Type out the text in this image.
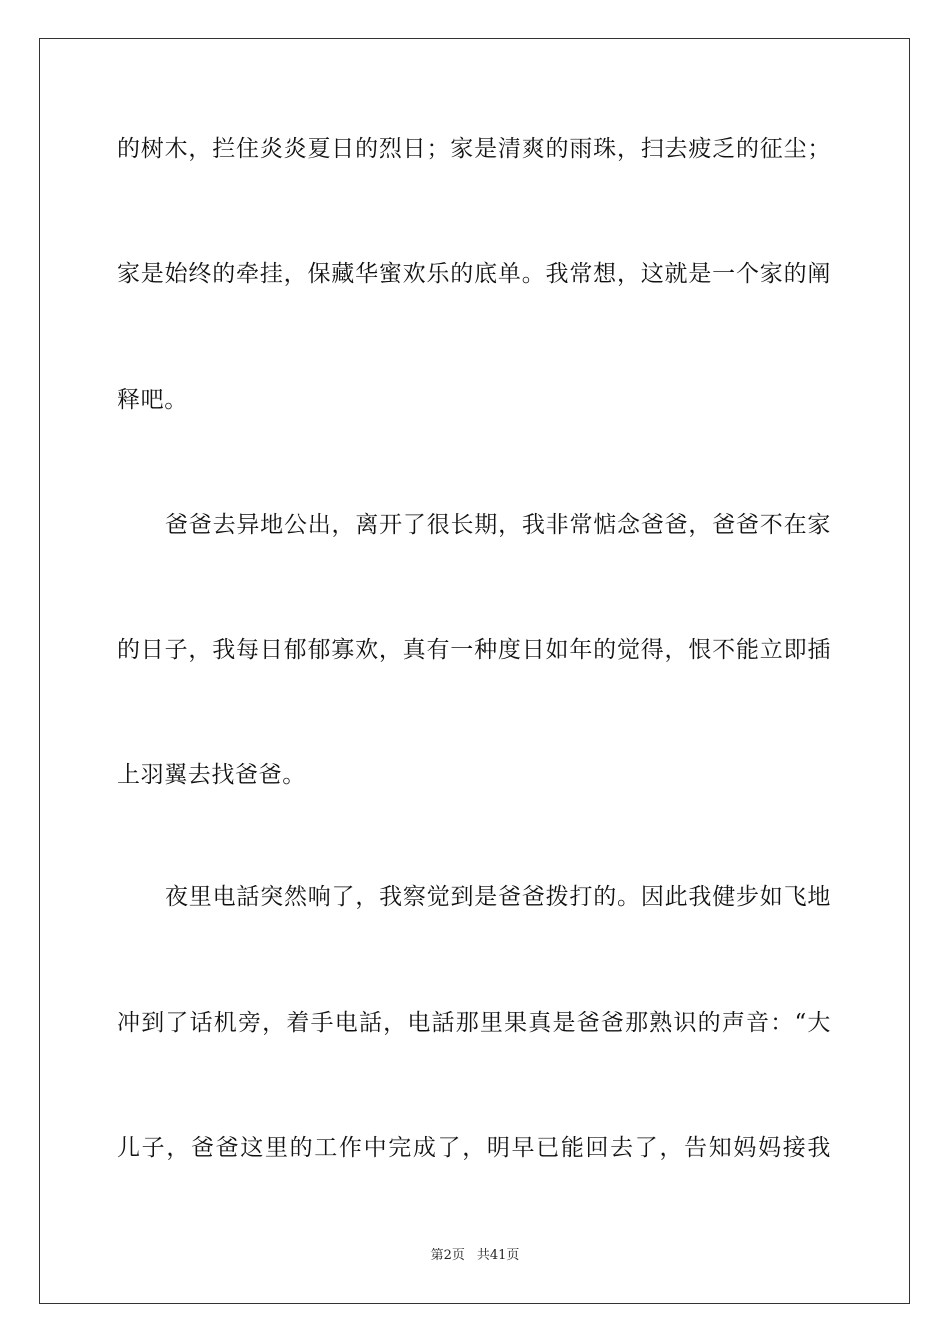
的树木，拦住炎炎夏日的烈日；家是清爽的雨珠，扫去疲乏的征尘；
家是始终的牵挂，保藏华蜜欢乐的底单。我常想，这就是一个家的阐
释吧。
爸爸去异地公出，离开了很长期，我非常惦念爸爸，爸爸不在家
的日子，我每日郁郁寡欢，真有一种度日如年的觉得，恨不能立即插
上羽翼去找爸爸。
夜里电話突然响了，我察觉到是爸爸拨打的。因此我健步如飞地
冲到了话机旁，着手电話，电話那里果真是爸爸那熟识的声音：“大
儿子，爸爸这里的工作中完成了，明早已能回去了，告知妈妈接我
第2页 共41页
